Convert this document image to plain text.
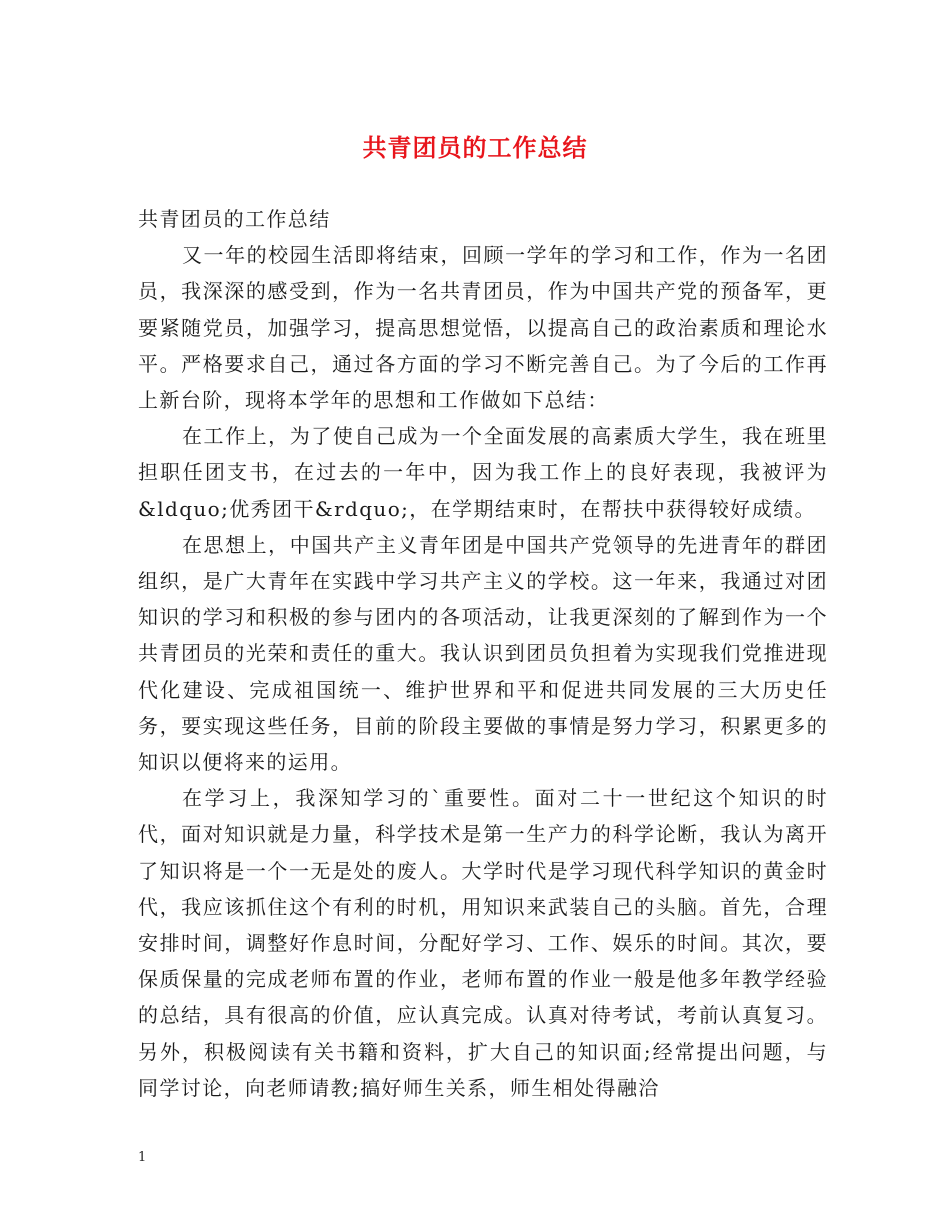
共青团员的工作总结

共青团员的工作总结

又一年的校园生活即将结束，回顾一学年的学习和工作，作为一名团员，我深深的感受到，作为一名共青团员，作为中国共产党的预备军，更要紧随党员，加强学习，提高思想觉悟，以提高自己的政治素质和理论水平。严格要求自己，通过各方面的学习不断完善自己。为了今后的工作再上新台阶，现将本学年的思想和工作做如下总结：

在工作上，为了使自己成为一个全面发展的高素质大学生，我在班里担职任团支书，在过去的一年中，因为我工作上的良好表现，我被评为&ldquo;优秀团干&rdquo;，在学期结束时，在帮扶中获得较好成绩。

在思想上，中国共产主义青年团是中国共产党领导的先进青年的群团组织，是广大青年在实践中学习共产主义的学校。这一年来，我通过对团知识的学习和积极的参与团内的各项活动，让我更深刻的了解到作为一个共青团员的光荣和责任的重大。我认识到团员负担着为实现我们党推进现代化建设、完成祖国统一、维护世界和平和促进共同发展的三大历史任务，要实现这些任务，目前的阶段主要做的事情是努力学习，积累更多的知识以便将来的运用。

在学习上，我深知学习的`重要性。面对二十一世纪这个知识的时代，面对知识就是力量，科学技术是第一生产力的科学论断，我认为离开了知识将是一个一无是处的废人。大学时代是学习现代科学知识的黄金时代，我应该抓住这个有利的时机，用知识来武装自己的头脑。首先，合理安排时间，调整好作息时间，分配好学习、工作、娱乐的时间。其次，要保质保量的完成老师布置的作业，老师布置的作业一般是他多年教学经验的总结，具有很高的价值，应认真完成。认真对待考试，考前认真复习。另外，积极阅读有关书籍和资料，扩大自己的知识面;经常提出问题，与同学讨论，向老师请教;搞好师生关系，师生相处得融洽

1
